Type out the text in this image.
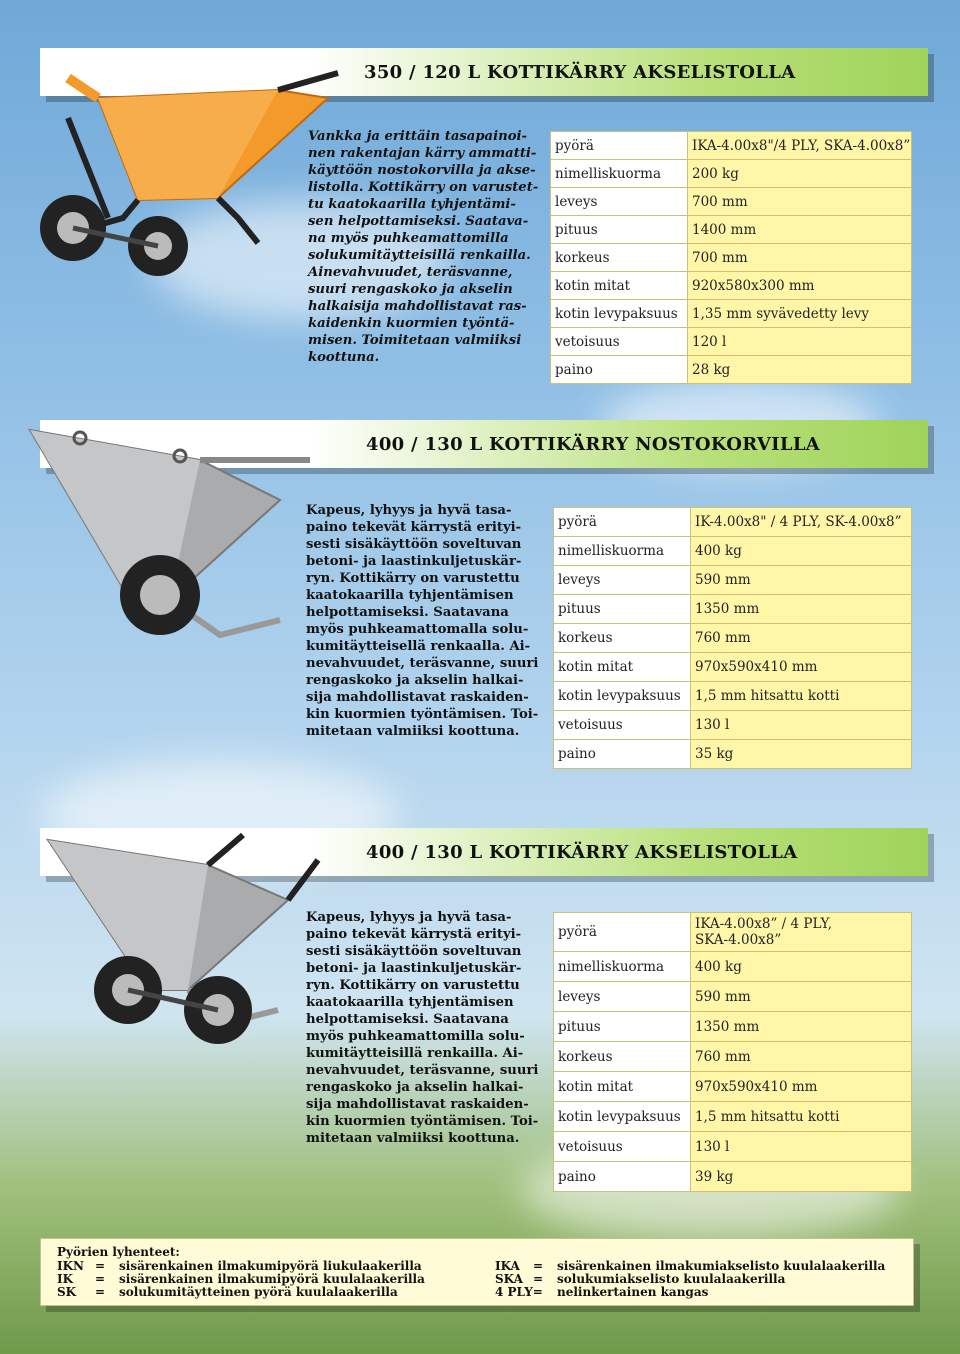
350 / 120 L KOTTIKÄRRY AKSELISTOLLA
Vankka ja erittäin tasapainoi-
nen rakentajan kärry ammatti-
käyttöön nostokorvilla ja akse-
listolla. Kottikärry on varustet-
tu kaatokaarilla tyhjentämi-
sen helpottamiseksi. Saatava-
na myös puhkeamattomilla
solukumitäytteisillä renkailla.
Ainevahvuudet, teräsvanne,
suuri rengaskoko ja akselin
halkaisija mahdollistavat ras-
kaidenkin kuormien työntä-
misen. Toimitetaan valmiiksi
koottuna.
pyörä	IKA-4.00x8"/4 PLY, SKA-4.00x8”
nimelliskuorma	200 kg
leveys	700 mm
pituus	1400 mm
korkeus	700 mm
kotin mitat	920x580x300 mm
kotin levypaksuus	1,35 mm syvävedetty levy
vetoisuus	120 l
paino	28 kg
400 / 130 L KOTTIKÄRRY NOSTOKORVILLA
Kapeus, lyhyys ja hyvä tasa-
paino tekevät kärrystä erityi-
sesti sisäkäyttöön soveltuvan
betoni- ja laastinkuljetuskär-
ryn. Kottikärry on varustettu
kaatokaarilla tyhjentämisen
helpottamiseksi. Saatavana
myös puhkeamattomalla solu-
kumitäytteisellä renkaalla. Ai-
nevahvuudet, teräsvanne, suuri
rengaskoko ja akselin halkai-
sija mahdollistavat raskaiden-
kin kuormien työntämisen. Toi-
mitetaan valmiiksi koottuna.
pyörä	IK-4.00x8" / 4 PLY, SK-4.00x8”
nimelliskuorma	400 kg
leveys	590 mm
pituus	1350 mm
korkeus	760 mm
kotin mitat	970x590x410 mm
kotin levypaksuus	1,5 mm hitsattu kotti
vetoisuus	130 l
paino	35 kg
400 / 130 L KOTTIKÄRRY AKSELISTOLLA
Kapeus, lyhyys ja hyvä tasa-
paino tekevät kärrystä erityi-
sesti sisäkäyttöön soveltuvan
betoni- ja laastinkuljetuskär-
ryn. Kottikärry on varustettu
kaatokaarilla tyhjentämisen
helpottamiseksi. Saatavana
myös puhkeamattomilla solu-
kumitäytteisillä renkailla. Ai-
nevahvuudet, teräsvanne, suuri
rengaskoko ja akselin halkai-
sija mahdollistavat raskaiden-
kin kuormien työntämisen. Toi-
mitetaan valmiiksi koottuna.
pyörä	IKA-4.00x8” / 4 PLY,
SKA-4.00x8”

nimelliskuorma	400 kg
leveys	590 mm
pituus	1350 mm
korkeus	760 mm
kotin mitat	970x590x410 mm
kotin levypaksuus	1,5 mm hitsattu kotti
vetoisuus	130 l
paino	39 kg
Pyörien lyhenteet:
IKN = sisärenkainen ilmakumipyörä liukulaakerilla
IK = sisärenkainen ilmakumipyörä kuulalaakerilla
SK = solukumitäytteinen pyörä kuulalaakerilla
IKA = sisärenkainen ilmakumiakselisto kuulalaakerilla
SKA = solukumiakselisto kuulalaakerilla
4 PLY= nelinkertainen kangas
